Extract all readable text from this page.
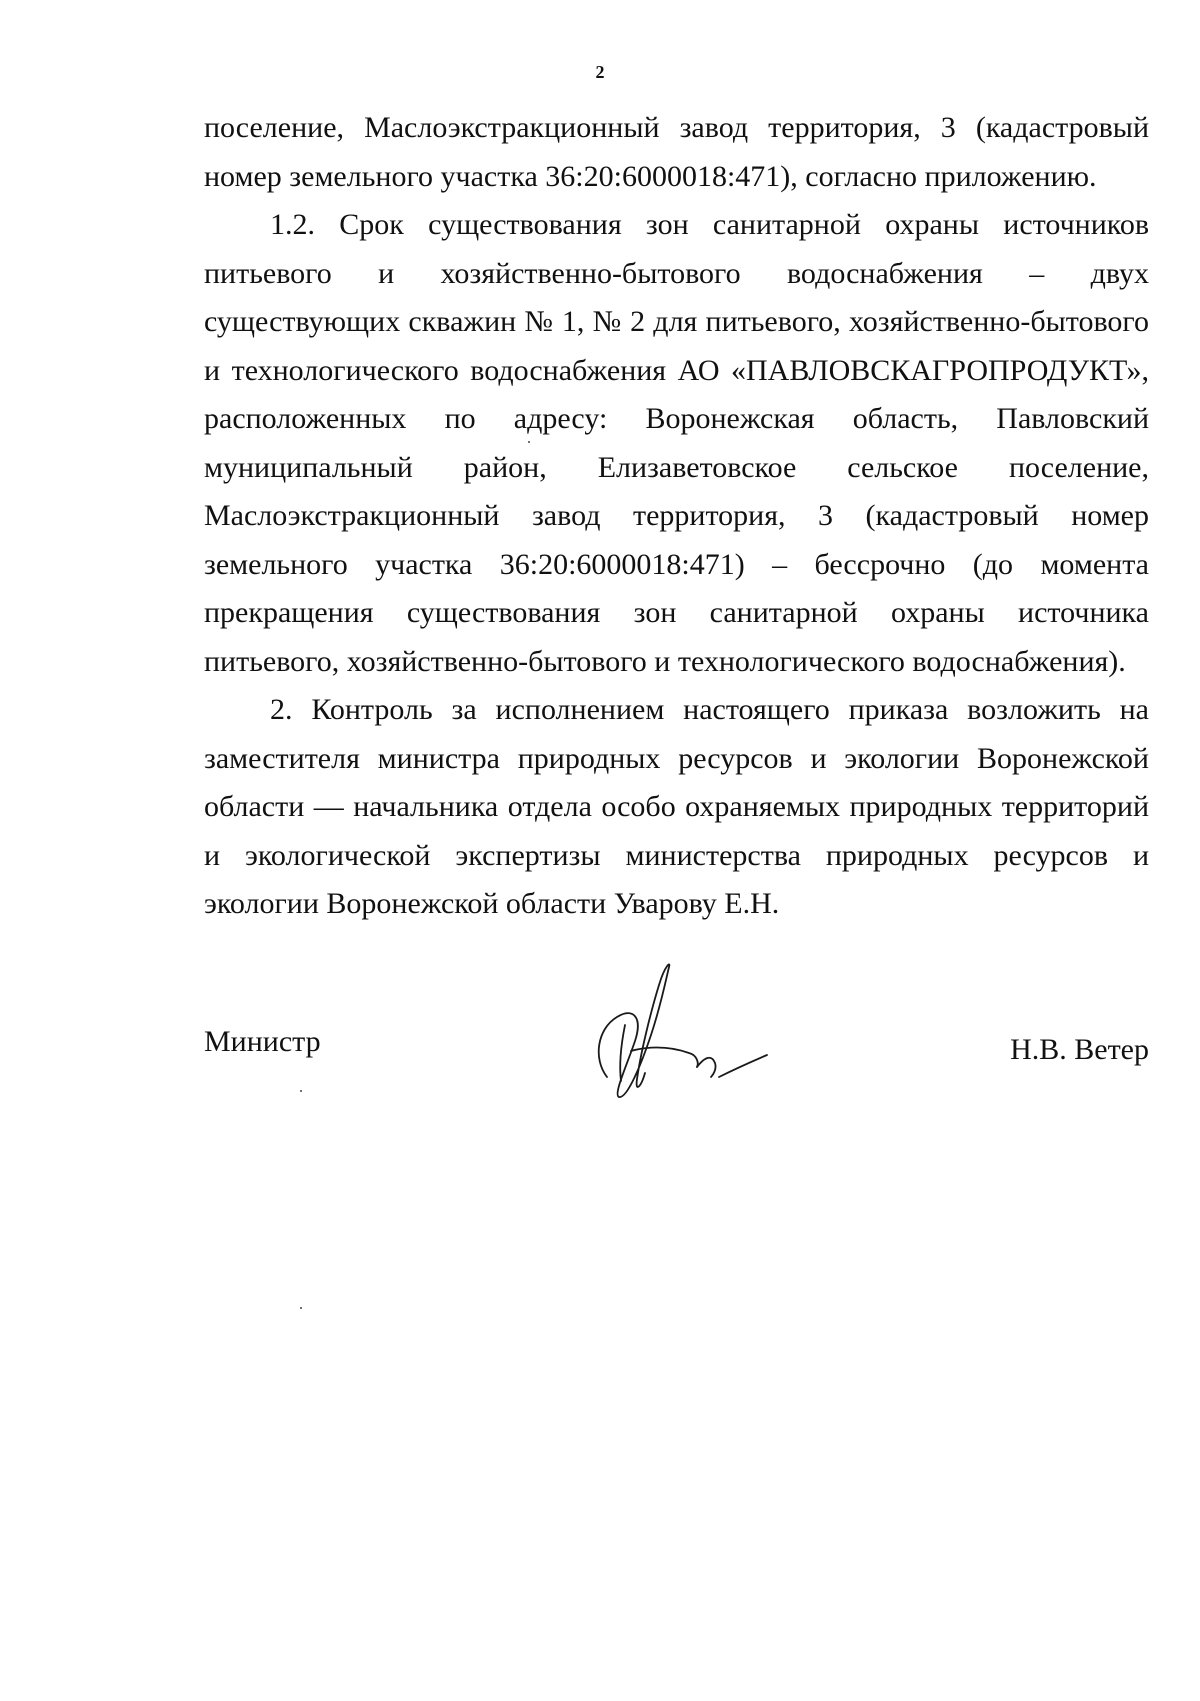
2

поселение, Маслоэкстракционный завод территория, 3 (кадастровый номер земельного участка 36:20:6000018:471), согласно приложению.

1.2. Срок существования зон санитарной охраны источников питьевого и хозяйственно-бытового водоснабжения – двух существующих скважин № 1, № 2 для питьевого, хозяйственно-бытового и технологического водоснабжения АО «ПАВЛОВСКАГРОПРОДУКТ», расположенных по адресу: Воронежская область, Павловский муниципальный район, Елизаветовское сельское поселение, Маслоэкстракционный завод территория, 3 (кадастровый номер земельного участка 36:20:6000018:471) – бессрочно (до момента прекращения существования зон санитарной охраны источника питьевого, хозяйственно-бытового и технологического водоснабжения).

2. Контроль за исполнением настоящего приказа возложить на заместителя министра природных ресурсов и экологии Воронежской области — начальника отдела особо охраняемых природных территорий и экологической экспертизы министерства природных ресурсов и экологии Воронежской области Уварову Е.Н.

Министр	Н.В. Ветер
